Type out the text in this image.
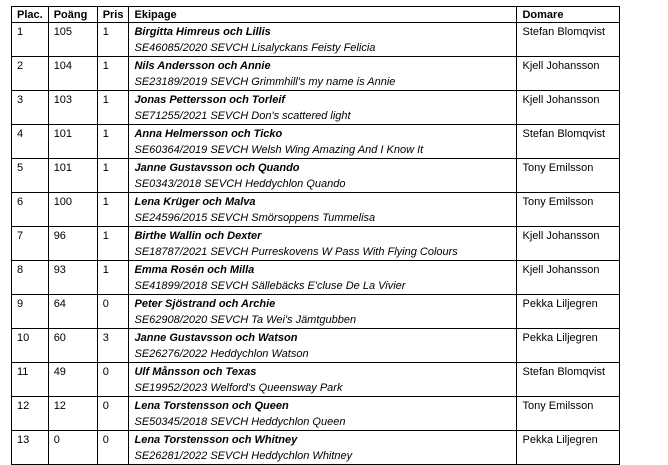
Plac.	Poäng	Pris	Ekipage	Domare
1	105	1	Birgitta Himreus och Lillis
SE46085/2020 SEVCH Lisalyckans Feisty Felicia	Stefan Blomqvist
2	104	1	Nils Andersson och Annie
SE23189/2019 SEVCH Grimmhill's my name is Annie	Kjell Johansson
3	103	1	Jonas Pettersson och Torleif
SE71255/2021 SEVCH Don's scattered light	Kjell Johansson
4	101	1	Anna Helmersson och Ticko
SE60364/2019 SEVCH Welsh Wing Amazing And I Know It	Stefan Blomqvist
5	101	1	Janne Gustavsson och Quando
SE0343/2018 SEVCH Heddychlon Quando	Tony Emilsson
6	100	1	Lena Krüger och Malva
SE24596/2015 SEVCH Smörsoppens Tummelisa	Tony Emilsson
7	96	1	Birthe Wallin och Dexter
SE18787/2021 SEVCH Purreskovens W Pass With Flying Colours	Kjell Johansson
8	93	1	Emma Rosén och Milla
SE41899/2018 SEVCH Sällebäcks E'cluse De La Vivier	Kjell Johansson
9	64	0	Peter Sjöstrand och Archie
SE62908/2020 SEVCH Ta Wei's Jämtgubben	Pekka Liljegren
10	60	3	Janne Gustavsson och Watson
SE26276/2022 Heddychlon Watson	Pekka Liljegren
11	49	0	Ulf Månsson och Texas
SE19952/2023 Welford's Queensway Park	Stefan Blomqvist
12	12	0	Lena Torstensson och Queen
SE50345/2018 SEVCH Heddychlon Queen	Tony Emilsson
13	0	0	Lena Torstensson och Whitney
SE26281/2022 SEVCH Heddychlon Whitney	Pekka Liljegren
